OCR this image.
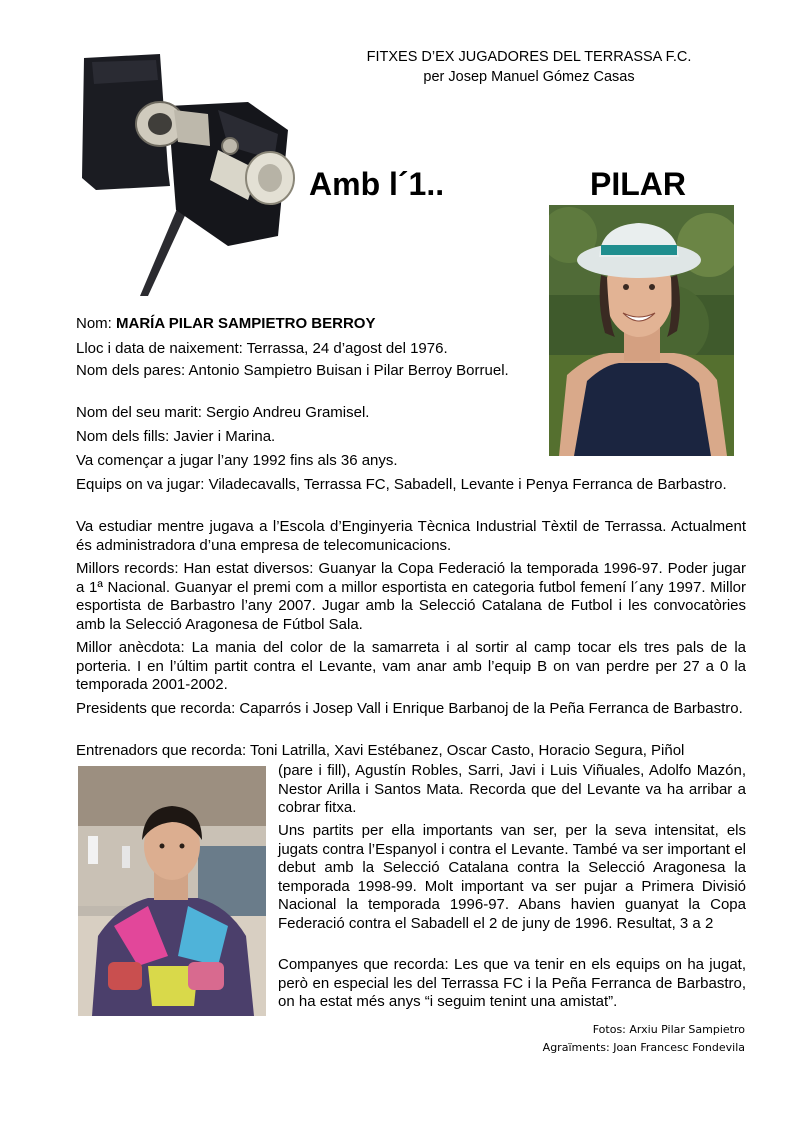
FITXES D’EX JUGADORES DEL TERRASSA F.C.
per Josep Manuel Gómez Casas
Amb l´1..	PILAR

Nom: MARÍA PILAR SAMPIETRO BERROY

Lloc i data de naixement: Terrassa, 24 d’agost del 1976.

Nom dels pares: Antonio Sampietro Buisan i Pilar Berroy Borruel.

Nom del seu marit: Sergio Andreu Gramisel.

Nom dels fills: Javier i Marina.

Va començar a jugar l’any 1992 fins als 36 anys.

Equips on va jugar: Viladecavalls, Terrassa FC, Sabadell, Levante i Penya Ferranca de Barbastro.

Va estudiar mentre jugava a l’Escola d’Enginyeria Tècnica Industrial Tèxtil de Terrassa. Actualment és administradora d’una empresa de telecomunicacions.

Millors records: Han estat diversos: Guanyar la Copa Federació la temporada 1996-97. Poder jugar a 1ª Nacional. Guanyar el premi com a millor esportista en categoria futbol femení l´any 1997. Millor esportista de Barbastro l’any 2007. Jugar amb la Selecció Catalana de Futbol i les convocatòries amb la Selecció Aragonesa de Fútbol Sala.

Millor anècdota: La mania del color de la samarreta i al sortir al camp tocar els tres pals de la porteria. I en l’últim partit contra el Levante, vam anar amb l’equip B on van perdre per 27 a 0 la temporada 2001-2002.

Presidents que recorda: Caparrós i Josep Vall i Enrique Barbanoj de la Peña Ferranca de Barbastro.

Entrenadors que recorda: Toni Latrilla, Xavi Estébanez, Oscar Casto, Horacio Segura, Piñol

(pare i fill), Agustín Robles, Sarri, Javi i Luis Viñuales, Adolfo Mazón, Nestor Arilla i Santos Mata. Recorda que del Levante va ha arribar a cobrar fitxa.

Uns partits per ella importants van ser, per la seva intensitat, els jugats contra l’Espanyol i contra el Levante. També va ser important el debut amb la Selecció Catalana contra la Selecció Aragonesa la temporada 1998-99. Molt important va ser pujar a Primera Divisió Nacional la temporada 1996-97. Abans havien guanyat la Copa Federació contra el Sabadell el 2 de juny de 1996. Resultat, 3 a 2

Companyes que recorda: Les que va tenir en els equips on ha jugat, però en especial les del Terrassa FC i la Peña Ferranca de Barbastro, on ha estat més anys “i seguim tenint una amistat”.

Fotos: Arxiu Pilar Sampietro
Agraïments: Joan Francesc Fondevila
